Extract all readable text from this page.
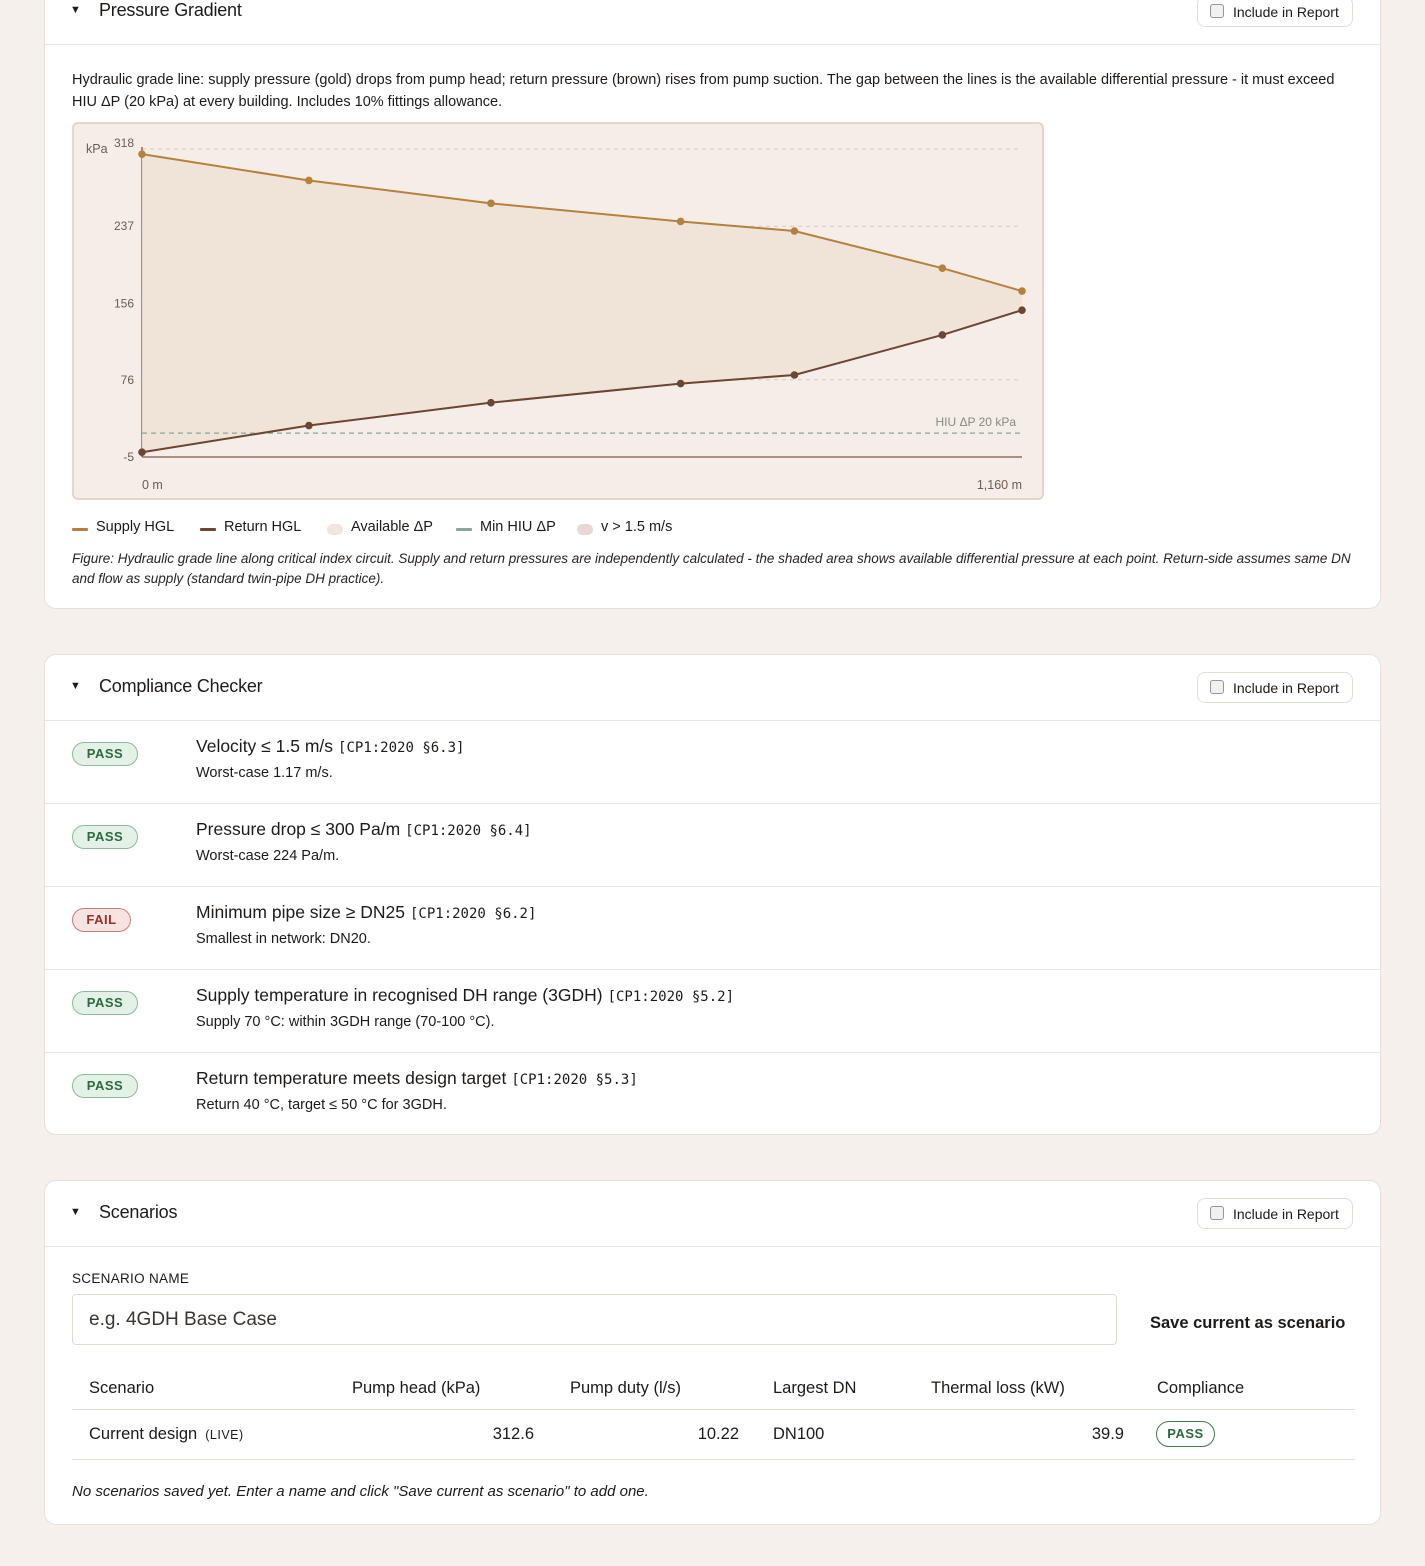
▼ Pressure Gradient	Include in Report
Hydraulic grade line: supply pressure (gold) drops from pump head; return pressure (brown) rises from pump suction. The gap between the lines is the available differential pressure - it must exceed HIU ΔP (20 kPa) at every building. Includes 10% fittings allowance.
318
237
156
76
-5
kPa
HIU ΔP 20 kPa
0 m	1,160 m
Supply HGL	Return HGL	Available ΔP	Min HIU ΔP	v > 1.5 m/s
Figure: Hydraulic grade line along critical index circuit. Supply and return pressures are independently calculated - the shaded area shows available differential pressure at each point. Return-side assumes same DN and flow as supply (standard twin-pipe DH practice).
▼ Compliance Checker	Include in Report
PASS	Velocity ≤ 1.5 m/s [CP1:2020 §6.3]
Worst-case 1.17 m/s.
PASS	Pressure drop ≤ 300 Pa/m [CP1:2020 §6.4]
Worst-case 224 Pa/m.
FAIL	Minimum pipe size ≥ DN25 [CP1:2020 §6.2]
Smallest in network: DN20.
PASS	Supply temperature in recognised DH range (3GDH) [CP1:2020 §5.2]
Supply 70 °C: within 3GDH range (70-100 °C).
PASS	Return temperature meets design target [CP1:2020 §5.3]
Return 40 °C, target ≤ 50 °C for 3GDH.
▼ Scenarios	Include in Report
SCENARIO NAME
e.g. 4GDH Base Case
Save current as scenario
Scenario	Pump head (kPa)	Pump duty (l/s)	Largest DN	Thermal loss (kW)	Compliance
Current design (LIVE)	312.6	10.22 DN100	39.9	PASS
No scenarios saved yet. Enter a name and click "Save current as scenario" to add one.
